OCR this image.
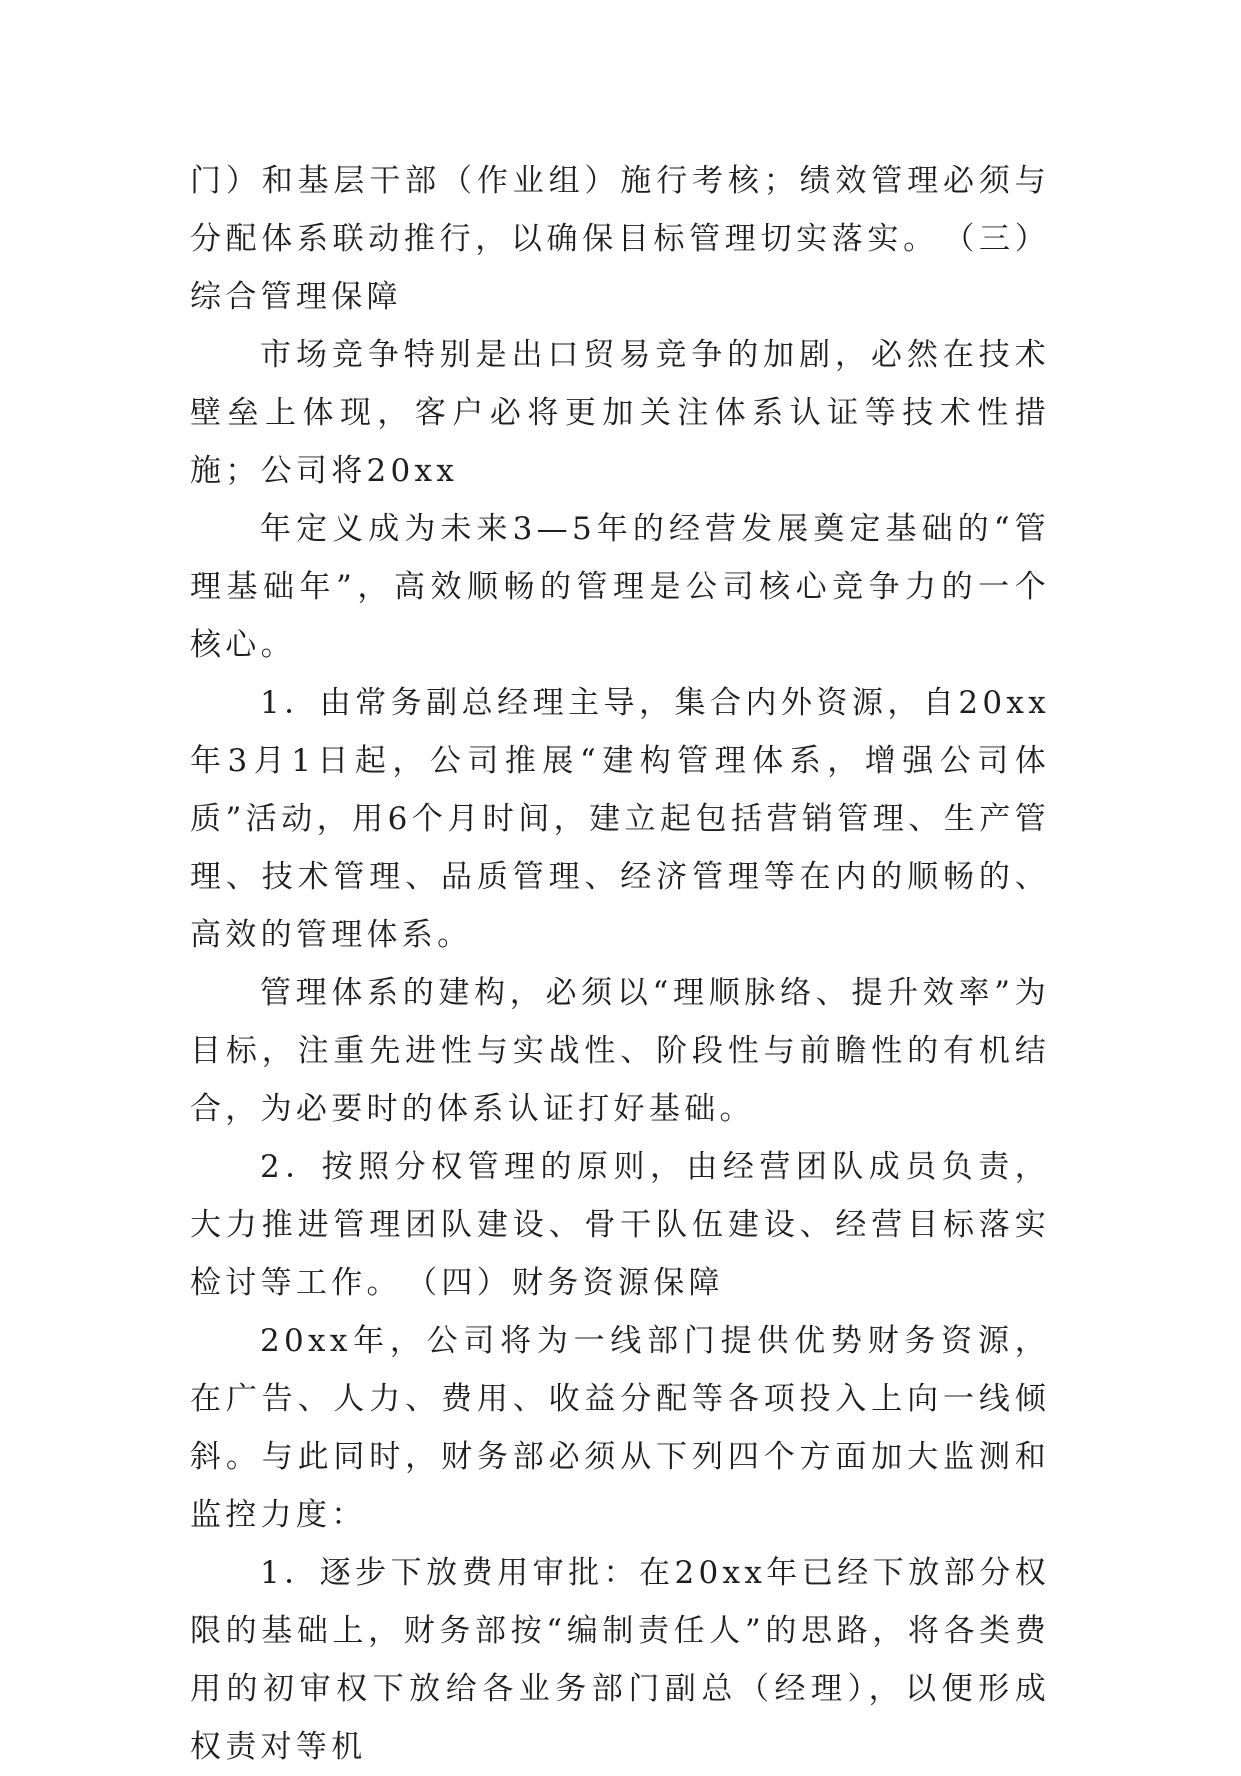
门）和基层干部（作业组）施行考核；绩效管理必须与分配体系联动推行，以确保目标管理切实落实。　（三）综合管理保障

市场竞争特别是出口贸易竞争的加剧，必然在技术壁垒上体现，客户必将更加关注体系认证等技术性措施；公司将20xx

年定义成为未来3—5年的经营发展奠定基础的“管理基础年”，高效顺畅的管理是公司核心竞争力的一个核心。

1．由常务副总经理主导，集合内外资源，自20xx年3月1日起，公司推展“建构管理体系，增强公司体质”活动，用6个月时间，建立起包括营销管理、生产管理、技术管理、品质管理、经济管理等在内的顺畅的、高效的管理体系。

管理体系的建构，必须以“理顺脉络、提升效率”为目标，注重先进性与实战性、阶段性与前瞻性的有机结合，为必要时的体系认证打好基础。

2．按照分权管理的原则，由经营团队成员负责，大力推进管理团队建设、骨干队伍建设、经营目标落实检讨等工作。　（四）财务资源保障

20xx年，公司将为一线部门提供优势财务资源，在广告、人力、费用、收益分配等各项投入上向一线倾斜。与此同时，财务部必须从下列四个方面加大监测和监控力度：

1．逐步下放费用审批：在20xx年已经下放部分权限的基础上，财务部按“编制责任人”的思路，将各类费用的初审权下放给各业务部门副总（经理），以便形成权责对等机
